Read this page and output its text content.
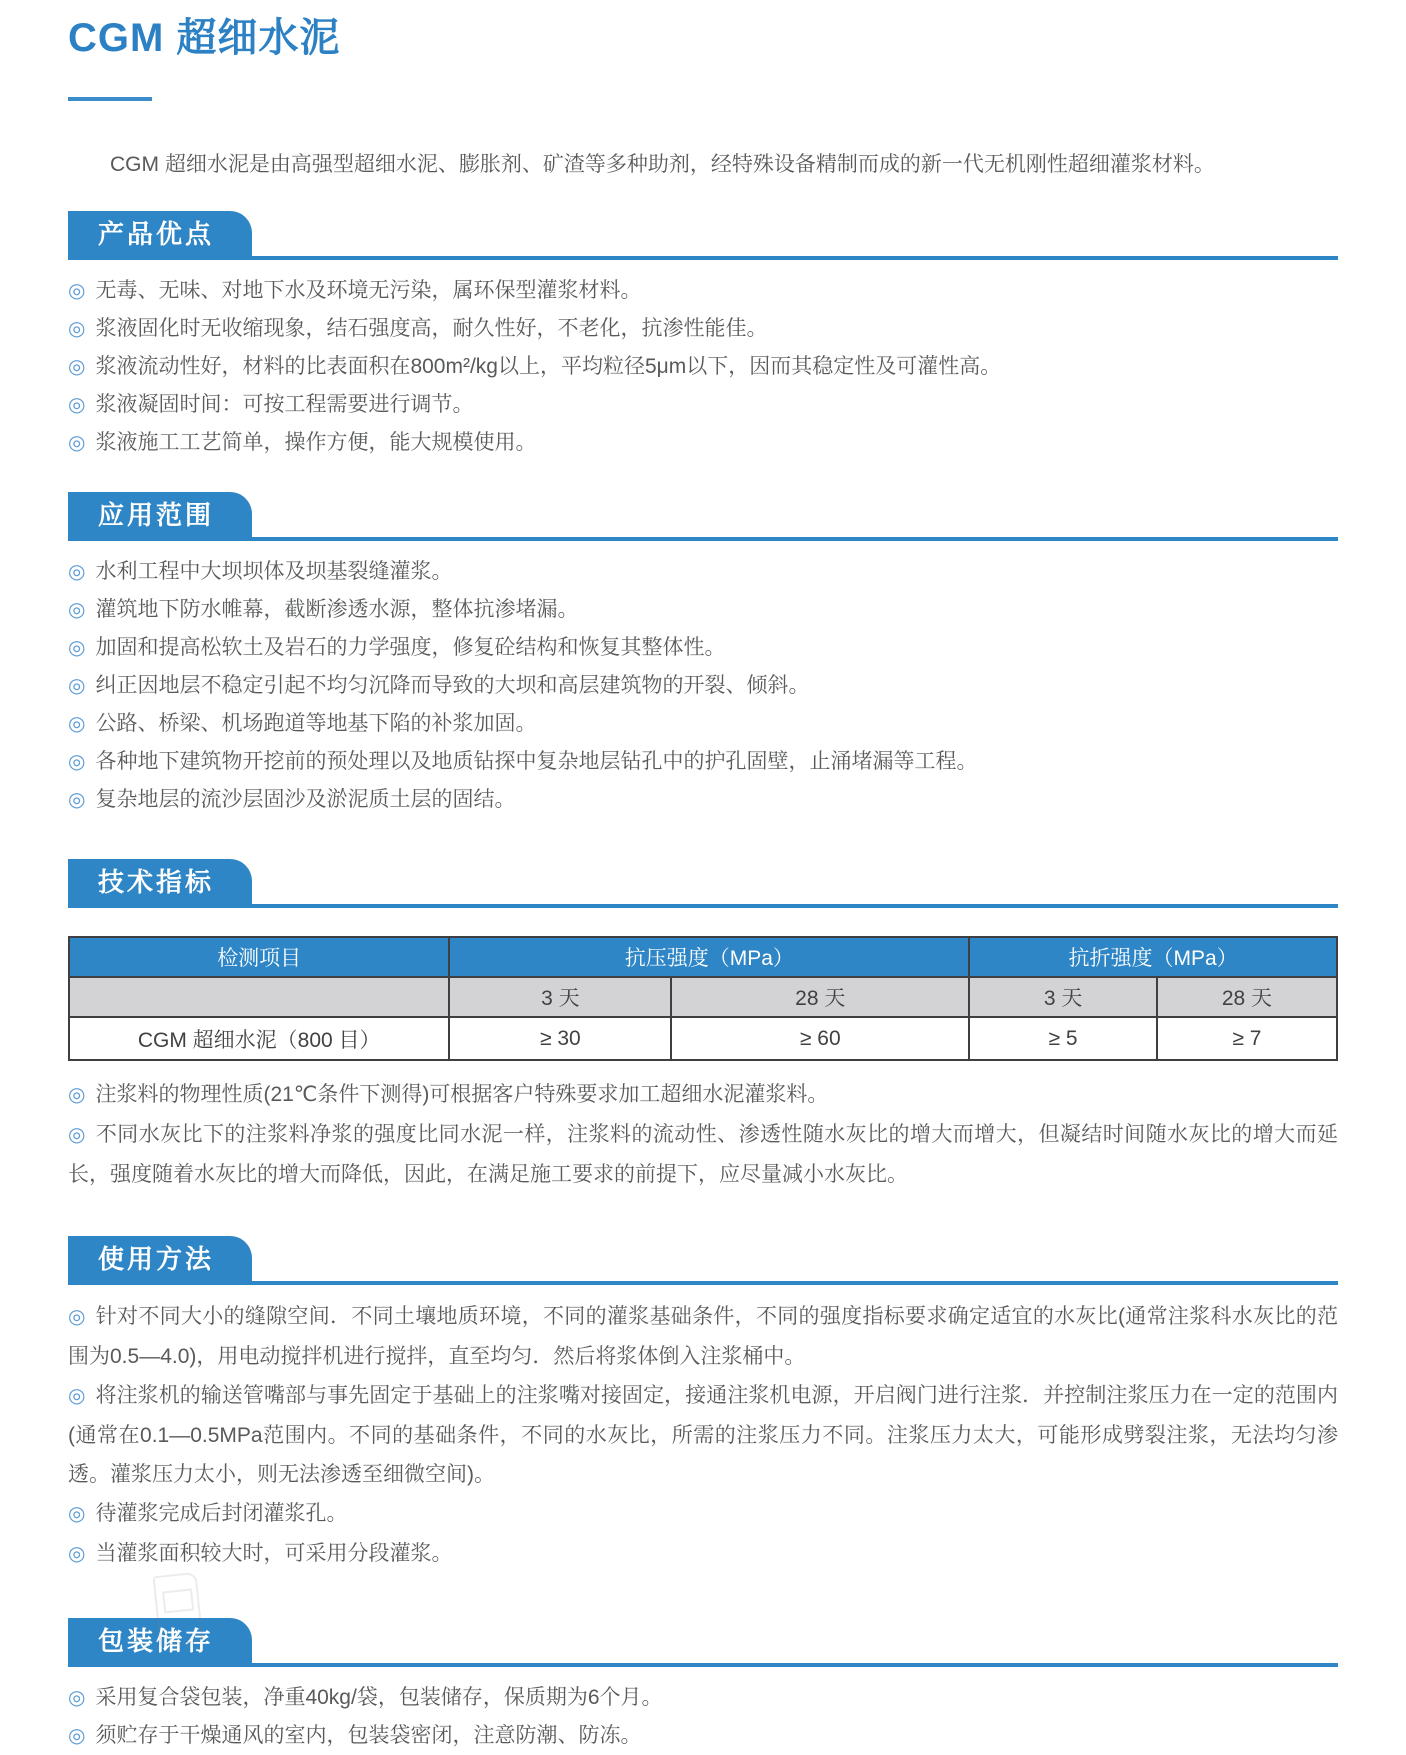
CGM 超细水泥

CGM 超细水泥是由高强型超细水泥、膨胀剂、矿渣等多种助剂，经特殊设备精制而成的新一代无机刚性超细灌浆材料。

产品优点

◎ 无毒、无味、对地下水及环境无污染，属环保型灌浆材料。

◎ 浆液固化时无收缩现象，结石强度高，耐久性好，不老化，抗渗性能佳。

◎ 浆液流动性好，材料的比表面积在800m²/kg以上，平均粒径5μm以下，因而其稳定性及可灌性高。

◎ 浆液凝固时间：可按工程需要进行调节。

◎ 浆液施工工艺简单，操作方便，能大规模使用。

应用范围

◎ 水利工程中大坝坝体及坝基裂缝灌浆。

◎ 灌筑地下防水帷幕，截断渗透水源，整体抗渗堵漏。

◎ 加固和提高松软土及岩石的力学强度，修复砼结构和恢复其整体性。

◎ 纠正因地层不稳定引起不均匀沉降而导致的大坝和高层建筑物的开裂、倾斜。

◎ 公路、桥梁、机场跑道等地基下陷的补浆加固。

◎ 各种地下建筑物开挖前的预处理以及地质钻探中复杂地层钻孔中的护孔固壁，止涌堵漏等工程。

◎ 复杂地层的流沙层固沙及淤泥质土层的固结。

技术指标
检测项目	抗压强度（MPa）		抗折强度（MPa）	
	3 天	28 天	3 天	28 天
CGM 超细水泥（800 目）	≥ 30	≥ 60	≥ 5	≥ 7

◎ 注浆料的物理性质(21℃条件下测得)可根据客户特殊要求加工超细水泥灌浆料。

◎ 不同水灰比下的注浆料净浆的强度比同水泥一样，注浆料的流动性、渗透性随水灰比的增大而增大，但凝结时间随水灰比的增大而延长，强度随着水灰比的增大而降低，因此，在满足施工要求的前提下，应尽量减小水灰比。

使用方法

◎ 针对不同大小的缝隙空间．不同土壤地质环境，不同的灌浆基础条件，不同的强度指标要求确定适宜的水灰比(通常注浆科水灰比的范围为0.5—4.0)，用电动搅拌机进行搅拌，直至均匀．然后将浆体倒入注浆桶中。

◎ 将注浆机的输送管嘴部与事先固定于基础上的注浆嘴对接固定，接通注浆机电源，开启阀门进行注浆．并控制注浆压力在一定的范围内(通常在0.1—0.5MPa范围内。不同的基础条件，不同的水灰比，所需的注浆压力不同。注浆压力太大，可能形成劈裂注浆，无法均匀渗透。灌浆压力太小，则无法渗透至细微空间)。

◎ 待灌浆完成后封闭灌浆孔。

◎ 当灌浆面积较大时，可采用分段灌浆。

包装储存

◎ 采用复合袋包装，净重40kg/袋，包装储存，保质期为6个月。

◎ 须贮存于干燥通风的室内，包装袋密闭，注意防潮、防冻。
